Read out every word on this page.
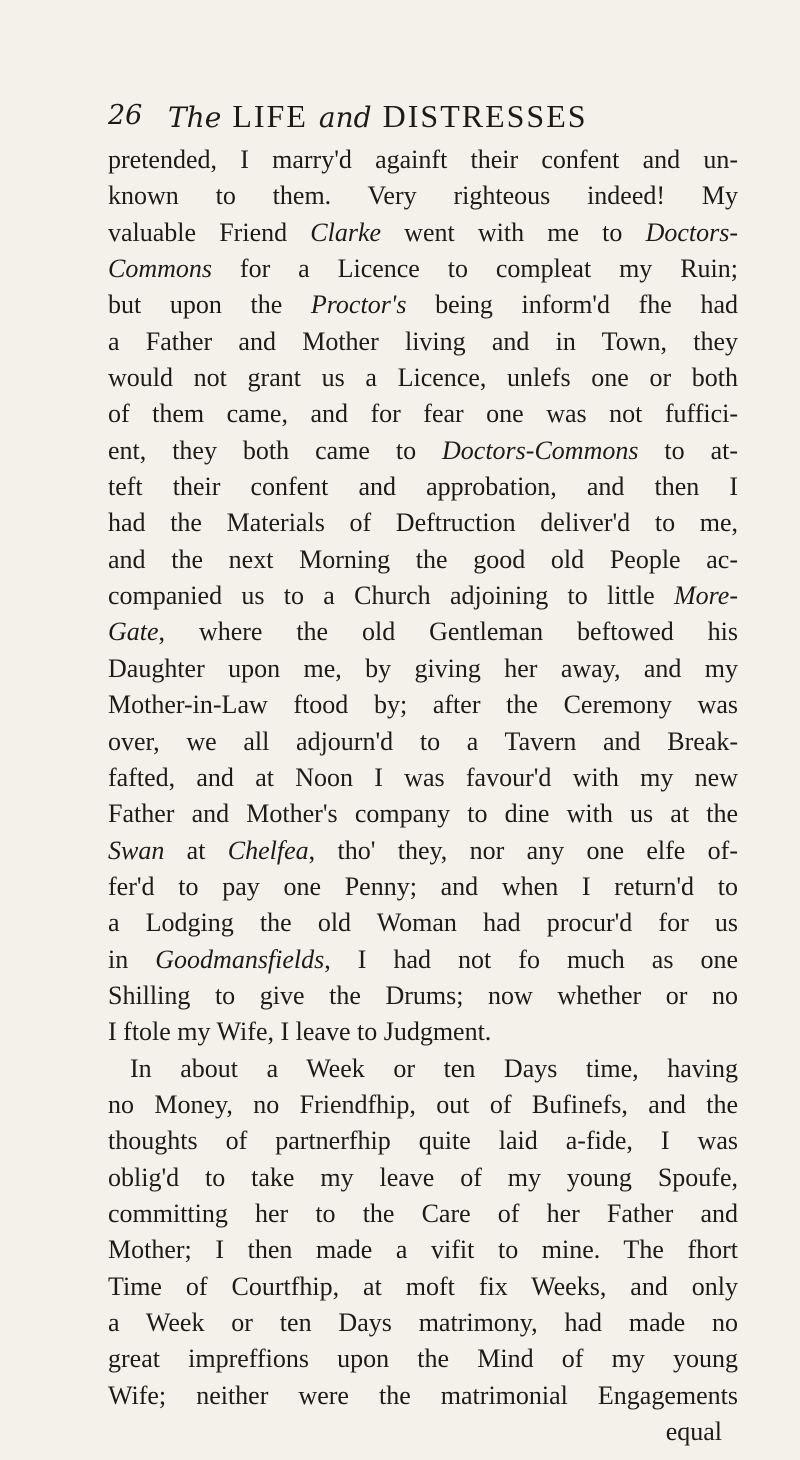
26 The LIFE and DISTRESSES
pretended, I marry'd againft their confent and un-
known to them. Very righteous indeed! My
valuable Friend Clarke went with me to Doctors-
Commons for a Licence to compleat my Ruin;
but upon the Proctor's being inform'd fhe had
a Father and Mother living and in Town, they
would not grant us a Licence, unlefs one or both
of them came, and for fear one was not fuffici-
ent, they both came to Doctors-Commons to at-
teft their confent and approbation, and then I
had the Materials of Deftruction deliver'd to me,
and the next Morning the good old People ac-
companied us to a Church adjoining to little More-
Gate, where the old Gentleman beftowed his
Daughter upon me, by giving her away, and my
Mother-in-Law ftood by; after the Ceremony was
over, we all adjourn'd to a Tavern and Break-
fafted, and at Noon I was favour'd with my new
Father and Mother's company to dine with us at the
Swan at Chelfea, tho' they, nor any one elfe of-
fer'd to pay one Penny; and when I return'd to
a Lodging the old Woman had procur'd for us
in Goodmansfields, I had not fo much as one
Shilling to give the Drums; now whether or no
I ftole my Wife, I leave to Judgment.
In about a Week or ten Days time, having
no Money, no Friendfhip, out of Bufinefs, and the
thoughts of partnerfhip quite laid a-fide, I was
oblig'd to take my leave of my young Spoufe,
committing her to the Care of her Father and
Mother; I then made a vifit to mine. The fhort
Time of Courtfhip, at moft fix Weeks, and only
a Week or ten Days matrimony, had made no
great impreffions upon the Mind of my young
Wife; neither were the matrimonial Engagements
equal
